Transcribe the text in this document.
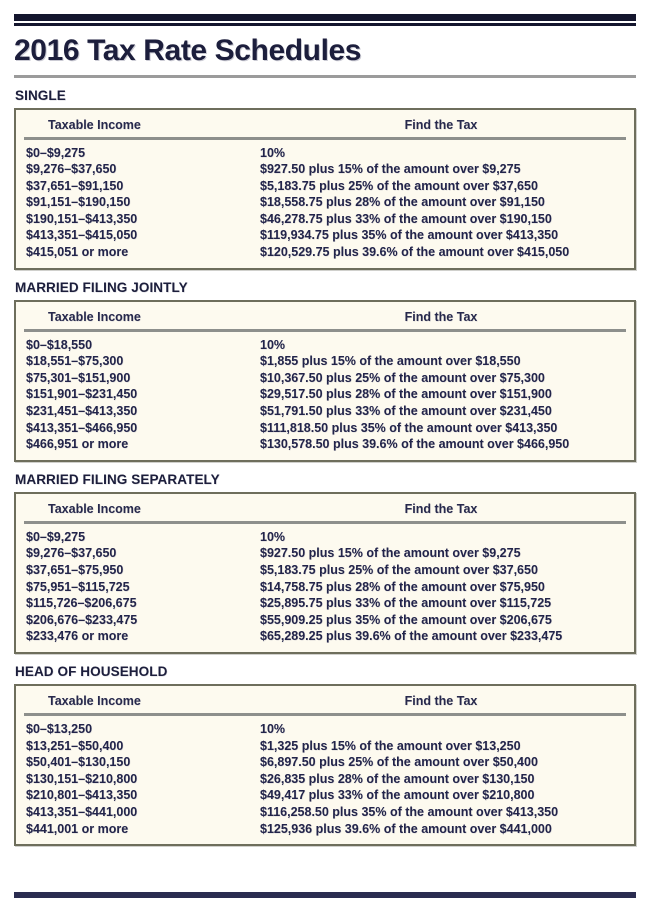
2016 Tax Rate Schedules
SINGLE
Taxable Income	Find the Tax

$0–$9,275	10%
$9,276–$37,650	$927.50 plus 15% of the amount over $9,275
$37,651–$91,150	$5,183.75 plus 25% of the amount over $37,650
$91,151–$190,150	$18,558.75 plus 28% of the amount over $91,150
$190,151–$413,350	$46,278.75 plus 33% of the amount over $190,150
$413,351–$415,050	$119,934.75 plus 35% of the amount over $413,350
$415,051 or more	$120,529.75 plus 39.6% of the amount over $415,050
MARRIED FILING JOINTLY
Taxable Income	Find the Tax

$0–$18,550	10%
$18,551–$75,300	$1,855 plus 15% of the amount over $18,550
$75,301–$151,900	$10,367.50 plus 25% of the amount over $75,300
$151,901–$231,450	$29,517.50 plus 28% of the amount over $151,900
$231,451–$413,350	$51,791.50 plus 33% of the amount over $231,450
$413,351–$466,950	$111,818.50 plus 35% of the amount over $413,350
$466,951 or more	$130,578.50 plus 39.6% of the amount over $466,950
MARRIED FILING SEPARATELY
Taxable Income	Find the Tax

$0–$9,275	10%
$9,276–$37,650	$927.50 plus 15% of the amount over $9,275
$37,651–$75,950	$5,183.75 plus 25% of the amount over $37,650
$75,951–$115,725	$14,758.75 plus 28% of the amount over $75,950
$115,726–$206,675	$25,895.75 plus 33% of the amount over $115,725
$206,676–$233,475	$55,909.25 plus 35% of the amount over $206,675
$233,476 or more	$65,289.25 plus 39.6% of the amount over $233,475
HEAD OF HOUSEHOLD
Taxable Income	Find the Tax

$0–$13,250	10%
$13,251–$50,400	$1,325 plus 15% of the amount over $13,250
$50,401–$130,150	$6,897.50 plus 25% of the amount over $50,400
$130,151–$210,800	$26,835 plus 28% of the amount over $130,150
$210,801–$413,350	$49,417 plus 33% of the amount over $210,800
$413,351–$441,000	$116,258.50 plus 35% of the amount over $413,350
$441,001 or more	$125,936 plus 39.6% of the amount over $441,000
